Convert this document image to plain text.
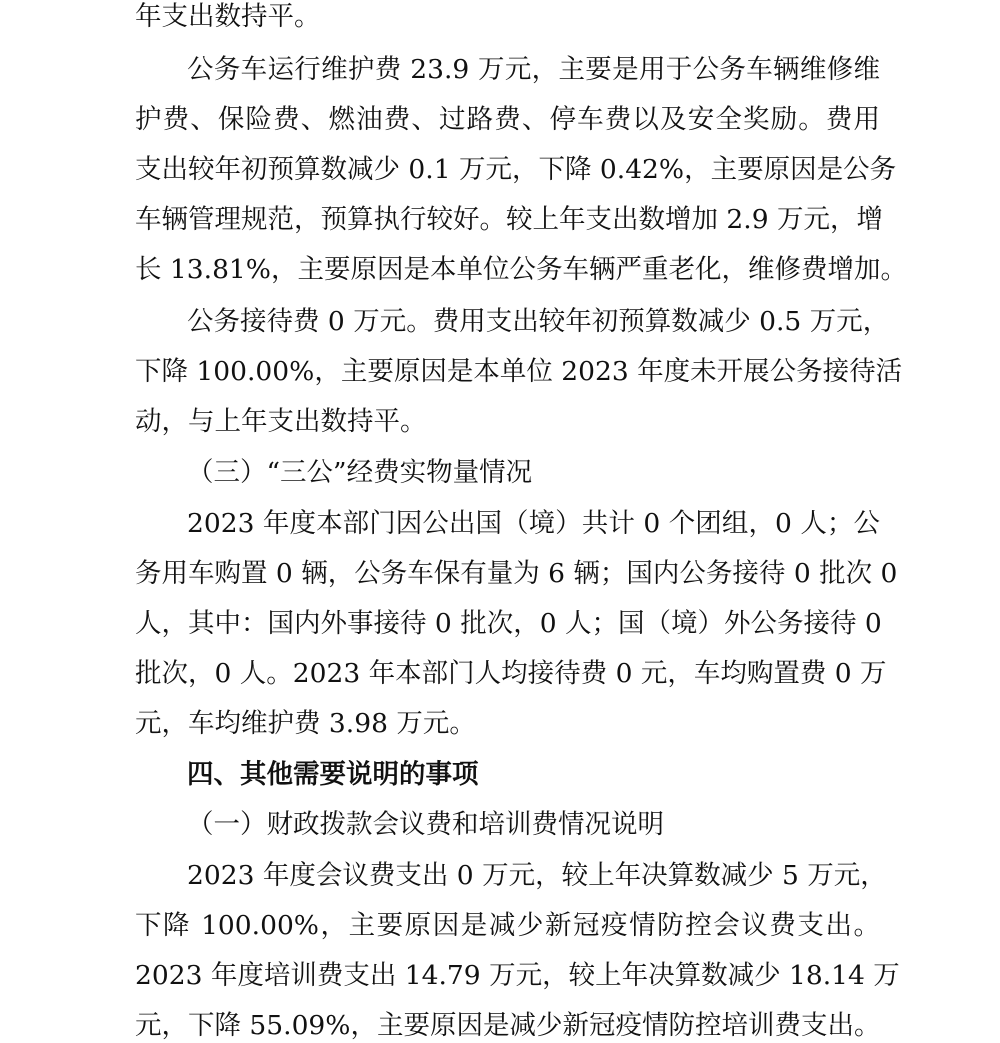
年支出数持平。
公务车运行维护费 23.9 万元，主要是用于公务车辆维修维
护费、保险费、燃油费、过路费、停车费以及安全奖励。费用
支出较年初预算数减少 0.1 万元，下降 0.42%，主要原因是公务
车辆管理规范，预算执行较好。较上年支出数增加 2.9 万元，增
长 13.81%，主要原因是本单位公务车辆严重老化，维修费增加。
公务接待费 0 万元。费用支出较年初预算数减少 0.5 万元，
下降 100.00%，主要原因是本单位 2023 年度未开展公务接待活
动，与上年支出数持平。
（三）“三公”经费实物量情况
2023 年度本部门因公出国（境）共计 0 个团组，0 人；公
务用车购置 0 辆，公务车保有量为 6 辆；国内公务接待 0 批次 0
人，其中：国内外事接待 0 批次，0 人；国（境）外公务接待 0
批次，0 人。2023 年本部门人均接待费 0 元，车均购置费 0 万
元，车均维护费 3.98 万元。
四、其他需要说明的事项
（一）财政拨款会议费和培训费情况说明
2023 年度会议费支出 0 万元，较上年决算数减少 5 万元，
下降 100.00%，主要原因是减少新冠疫情防控会议费支出。
2023 年度培训费支出 14.79 万元，较上年决算数减少 18.14 万
元，下降 55.09%，主要原因是减少新冠疫情防控培训费支出。
